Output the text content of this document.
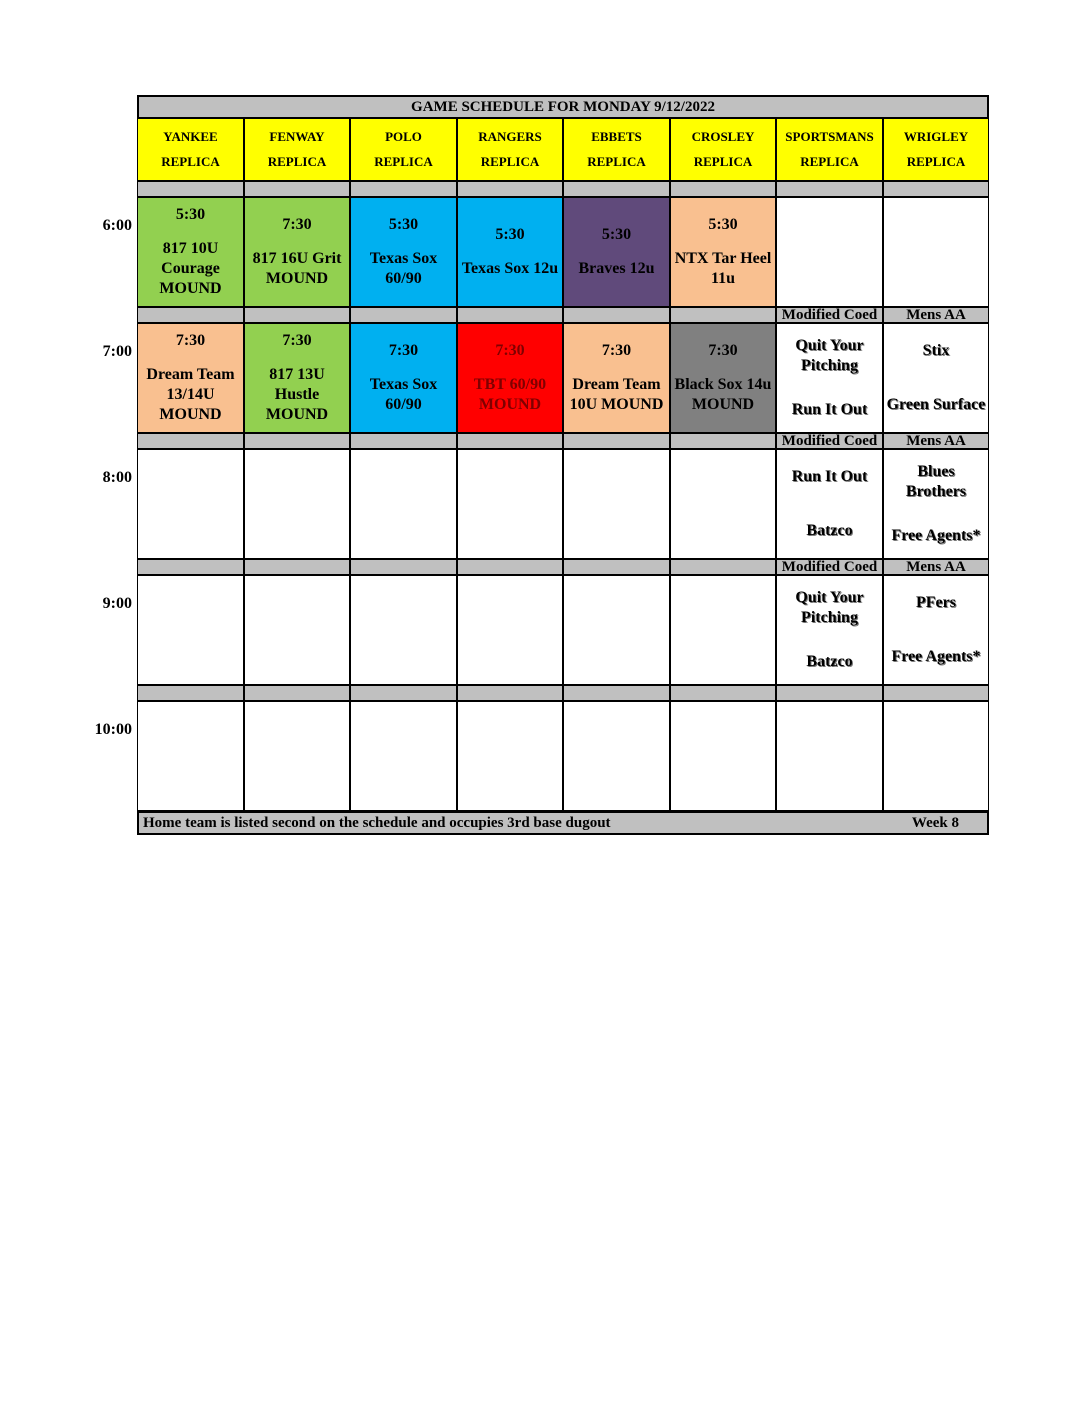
GAME SCHEDULE FOR MONDAY 9/12/2022
YANKEE
REPLICA
FENWAY
REPLICA
POLO
REPLICA
RANGERS
REPLICA
EBBETS
REPLICA
CROSLEY
REPLICA
SPORTSMANS
REPLICA
WRIGLEY
REPLICA
5:30
817 10U Courage MOUND
7:30
817 16U Grit MOUND
5:30
Texas Sox 60/90
5:30
Texas Sox 12u
5:30
Braves 12u
5:30
NTX Tar Heel 11u
Modified Coed Mens AA
7:30
Dream Team 13/14U MOUND
7:30
817 13U Hustle MOUND
7:30
Texas Sox 60/90
7:30
TBT 60/90 MOUND
7:30
Dream Team 10U MOUND
7:30
Black Sox 14u MOUND
Quit Your Pitching
Run It Out
Stix
Green Surface
Modified Coed Mens AA
Run It Out
Batzco
Blues Brothers
Free Agents*
Modified Coed Mens AA
Quit Your Pitching
Batzco
PFers
Free Agents*
Home team is listed second on the schedule and occupies 3rd base dugout	Week 8
6:00
7:00
8:00
9:00
10:00
